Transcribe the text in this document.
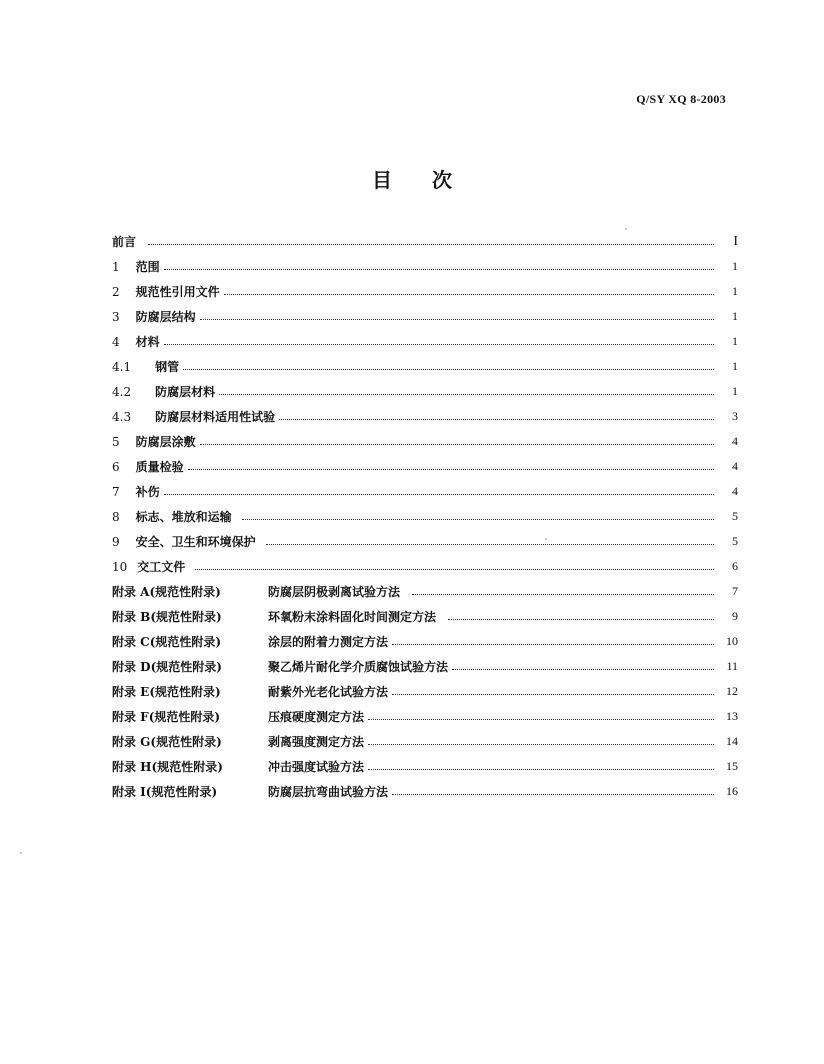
Q/SY XQ 8-2003
目 次
前言	I
1 范围	1
2 规范性引用文件	1
3 防腐层结构	1
4 材料	1
4.1 钢管	1
4.2 防腐层材料	1
4.3 防腐层材料适用性试验	3
5 防腐层涂敷	4
6 质量检验	4
7 补伤	4
8 标志、堆放和运输	5
9 安全、卫生和环境保护	5
10 交工文件	6
附录 A(规范性附录)	防腐层阴极剥离试验方法	7
附录 B(规范性附录)	环氧粉末涂料固化时间测定方法	9
附录 C(规范性附录)	涂层的附着力测定方法	10
附录 D(规范性附录)	聚乙烯片耐化学介质腐蚀试验方法	11
附录 E(规范性附录)	耐紫外光老化试验方法	12
附录 F(规范性附录)	压痕硬度测定方法	13
附录 G(规范性附录)	剥离强度测定方法	14
附录 H(规范性附录)	冲击强度试验方法	15
附录 I(规范性附录)	防腐层抗弯曲试验方法	16
